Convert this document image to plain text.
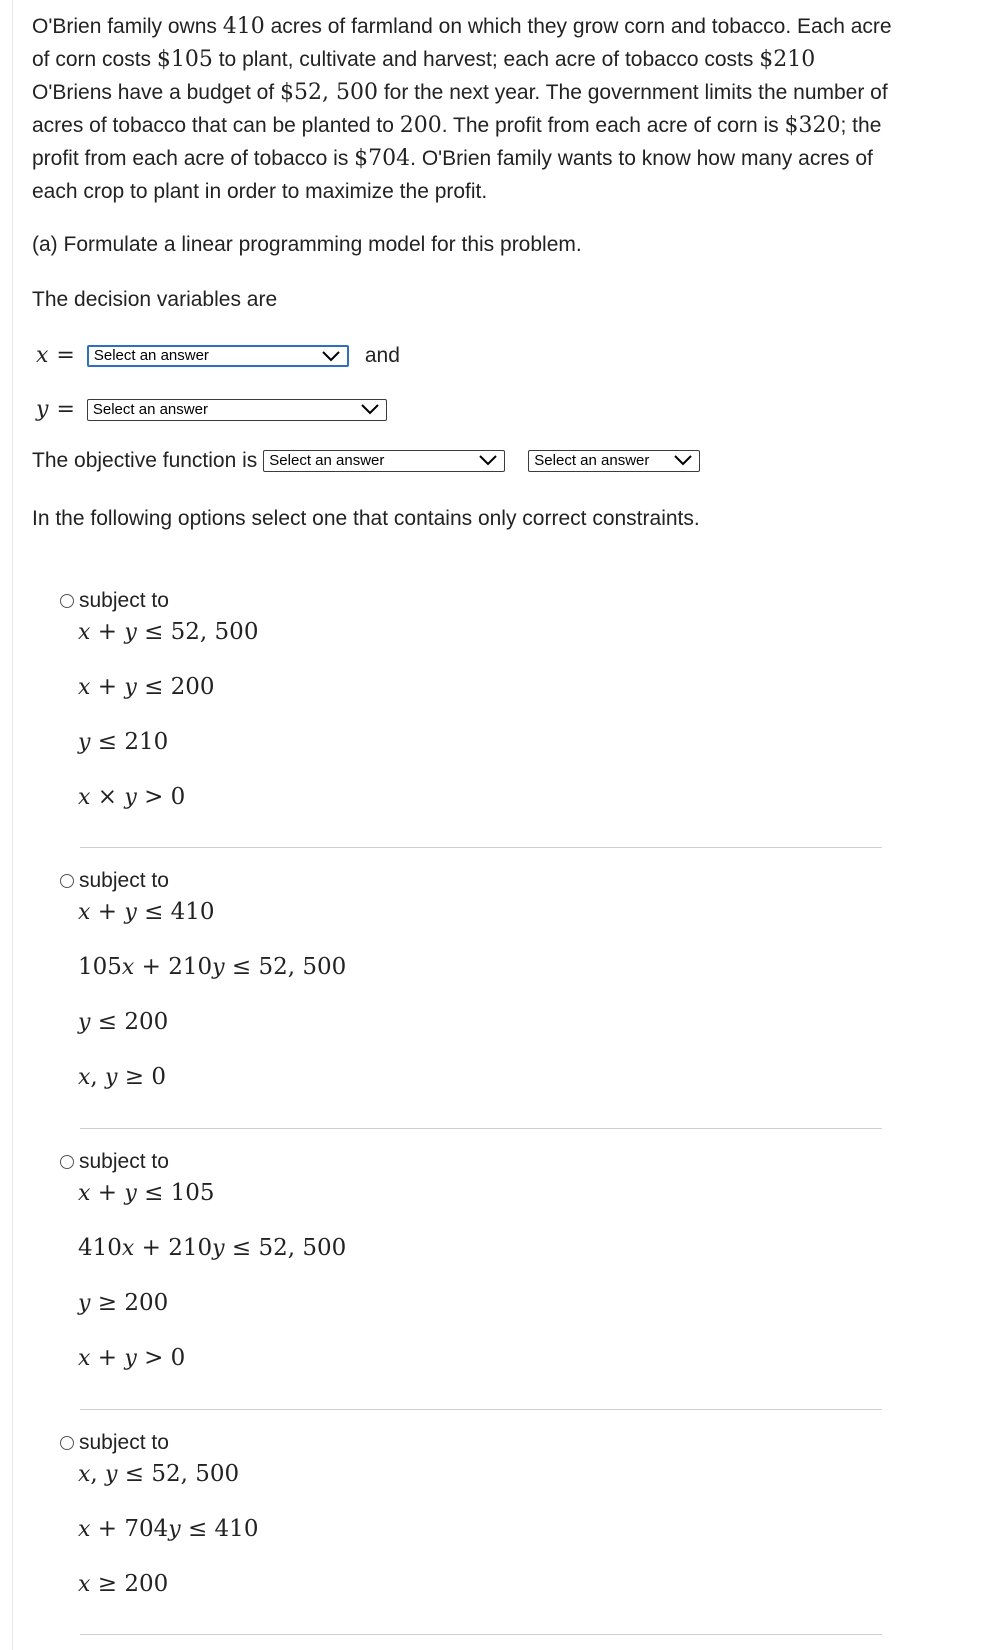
O'Brien family owns 410 acres of farmland on which they grow corn and tobacco. Each acre of corn costs $105 to plant, cultivate and harvest; each acre of tobacco costs $210 O'Briens have a budget of $52, 500 for the next year. The government limits the number of acres of tobacco that can be planted to 200. The profit from each acre of corn is $320; the profit from each acre of tobacco is $704. O'Brien family wants to know how many acres of each crop to plant in order to maximize the profit.
(a) Formulate a linear programming model for this problem.
The decision variables are
x =	Select an answer	and
y =	Select an answer
The objective function is Select an answer	Select an answer
In the following options select one that contains only correct constraints.
subject to
x + y ≤ 52, 500
x + y ≤ 200
y ≤ 210
x × y > 0
subject to
x + y ≤ 410
105x + 210y ≤ 52, 500
y ≤ 200
x, y ≥ 0
subject to
x + y ≤ 105
410x + 210y ≤ 52, 500
y ≥ 200
x + y > 0
subject to
x, y ≤ 52, 500
x + 704y ≤ 410
x ≥ 200
